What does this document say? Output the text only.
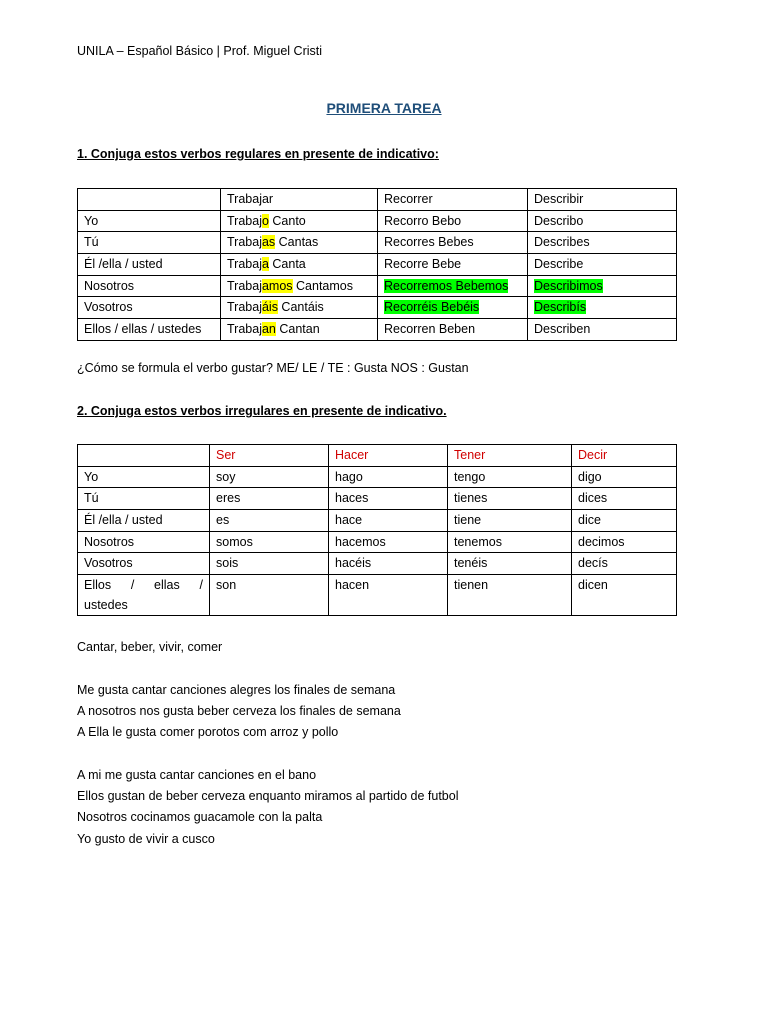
UNILA – Español Básico | Prof. Miguel Cristi
PRIMERA TAREA
1. Conjuga estos verbos regulares en presente de indicativo:
	Trabajar	Recorrer	Describir
Yo	Trabajo Canto	Recorro Bebo	Describo
Tú	Trabajas Cantas	Recorres Bebes	Describes
Él /ella / usted	Trabaja Canta	Recorre Bebe	Describe
Nosotros	Trabajamos Cantamos	Recorremos Bebemos	Describimos
Vosotros	Trabajáis Cantáis	Recorréis Bebéis	Describís
Ellos / ellas / ustedes	Trabajan Cantan	Recorren Beben	Describen
¿Cómo se formula el verbo gustar? ME/ LE / TE : Gusta NOS : Gustan
2. Conjuga estos verbos irregulares en presente de indicativo.
	Ser	Hacer	Tener	Decir
Yo	soy	hago	tengo	digo
Tú	eres	haces	tienes	dices
Él /ella / usted	es	hace	tiene	dice
Nosotros	somos	hacemos	tenemos	decimos
Vosotros	sois	hacéis	tenéis	decís

Ellos / ellas /
ustedes	son	hacen	tienen	dicen
Cantar, beber, vivir, comer
Me gusta cantar canciones alegres los finales de semana
A nosotros nos gusta beber cerveza los finales de semana
A Ella le gusta comer porotos com arroz y pollo
A mi me gusta cantar canciones en el bano
Ellos gustan de beber cerveza enquanto miramos al partido de futbol
Nosotros cocinamos guacamole con la palta
Yo gusto de vivir a cusco
